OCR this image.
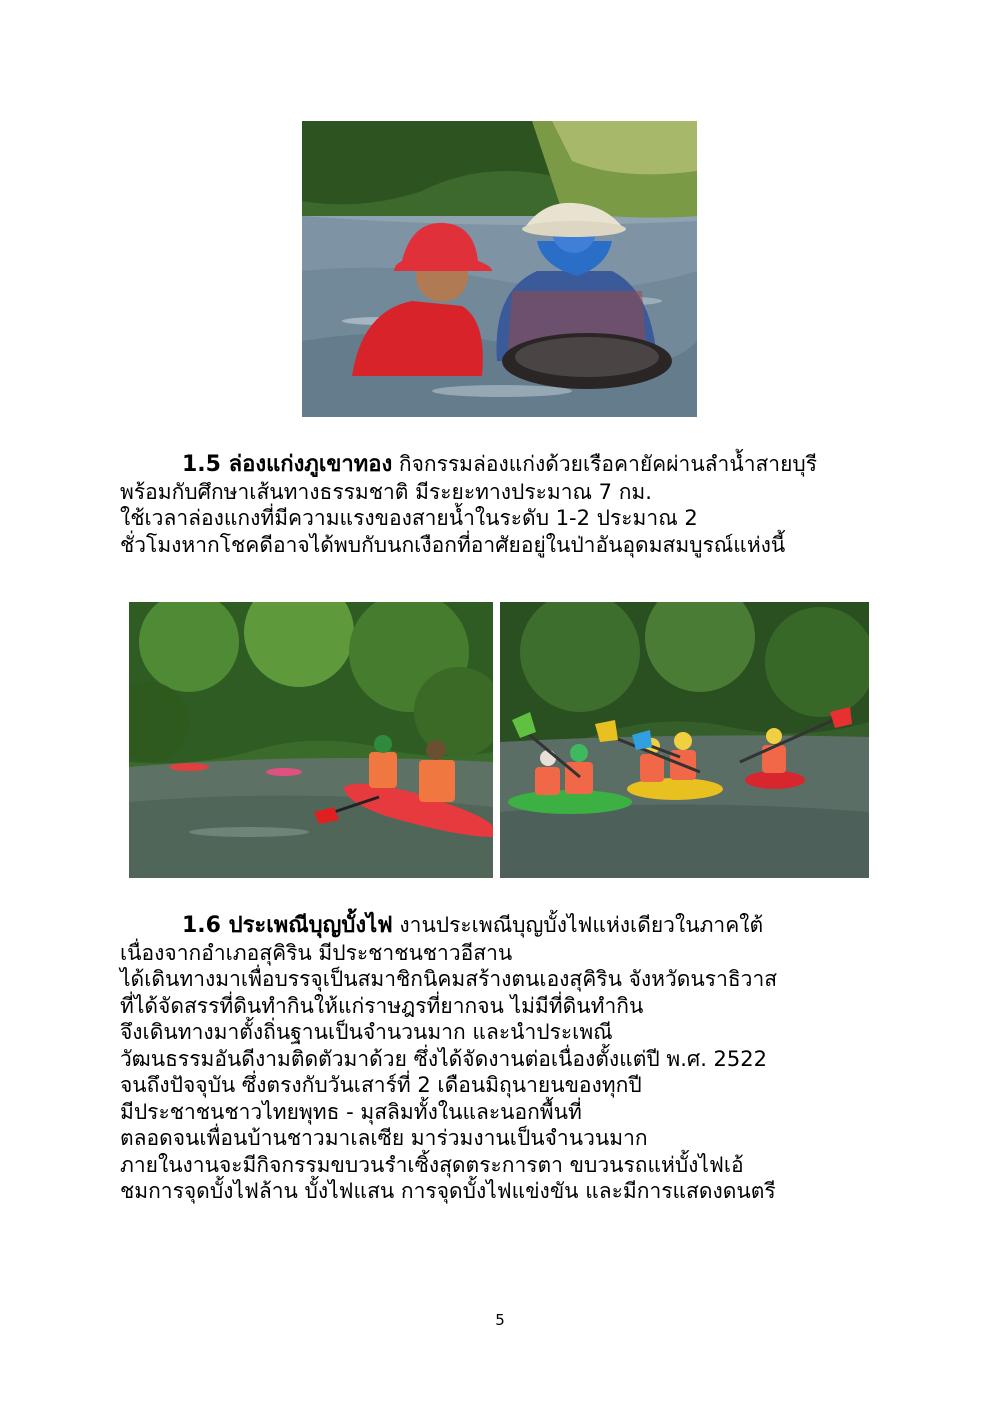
1.5 ล่องแก่งภูเขาทอง กิจกรรมล่องแก่งด้วยเรือคายัคผ่านลำน้ำสายบุรี

พร้อมกับศึกษาเส้นทางธรรมชาติ มีระยะทางประมาณ 7 กม.

ใช้เวลาล่องแกงที่มีความแรงของสายน้ำในระดับ 1-2 ประมาณ 2

ชั่วโมงหากโชคดีอาจได้พบกับนกเงือกที่อาศัยอยู่ในป่าอันอุดมสมบูรณ์แห่งนี้

1.6 ประเพณีบุญบั้งไฟ งานประเพณีบุญบั้งไฟแห่งเดียวในภาคใต้

เนื่องจากอำเภอสุคิริน มีประชาชนชาวอีสาน

ได้เดินทางมาเพื่อบรรจุเป็นสมาชิกนิคมสร้างตนเองสุคิริน จังหวัดนราธิวาส

ที่ได้จัดสรรที่ดินทำกินให้แก่ราษฎรที่ยากจน ไม่มีที่ดินทำกิน

จึงเดินทางมาตั้งถิ่นฐานเป็นจำนวนมาก และนำประเพณี

วัฒนธรรมอันดีงามติดตัวมาด้วย ซึ่งได้จัดงานต่อเนื่องตั้งแต่ปี พ.ศ. 2522

จนถึงปัจจุบัน ซึ่งตรงกับวันเสาร์ที่ 2 เดือนมิถุนายนของทุกปี

มีประชาชนชาวไทยพุทธ - มุสลิมทั้งในและนอกพื้นที่

ตลอดจนเพื่อนบ้านชาวมาเลเซีย มาร่วมงานเป็นจำนวนมาก

ภายในงานจะมีกิจกรรมขบวนรำเซิ้งสุดตระการตา ขบวนรถแห่บั้งไฟเอ้

ชมการจุดบั้งไฟล้าน บั้งไฟแสน การจุดบั้งไฟแข่งขัน และมีการแสดงดนตรี

5
